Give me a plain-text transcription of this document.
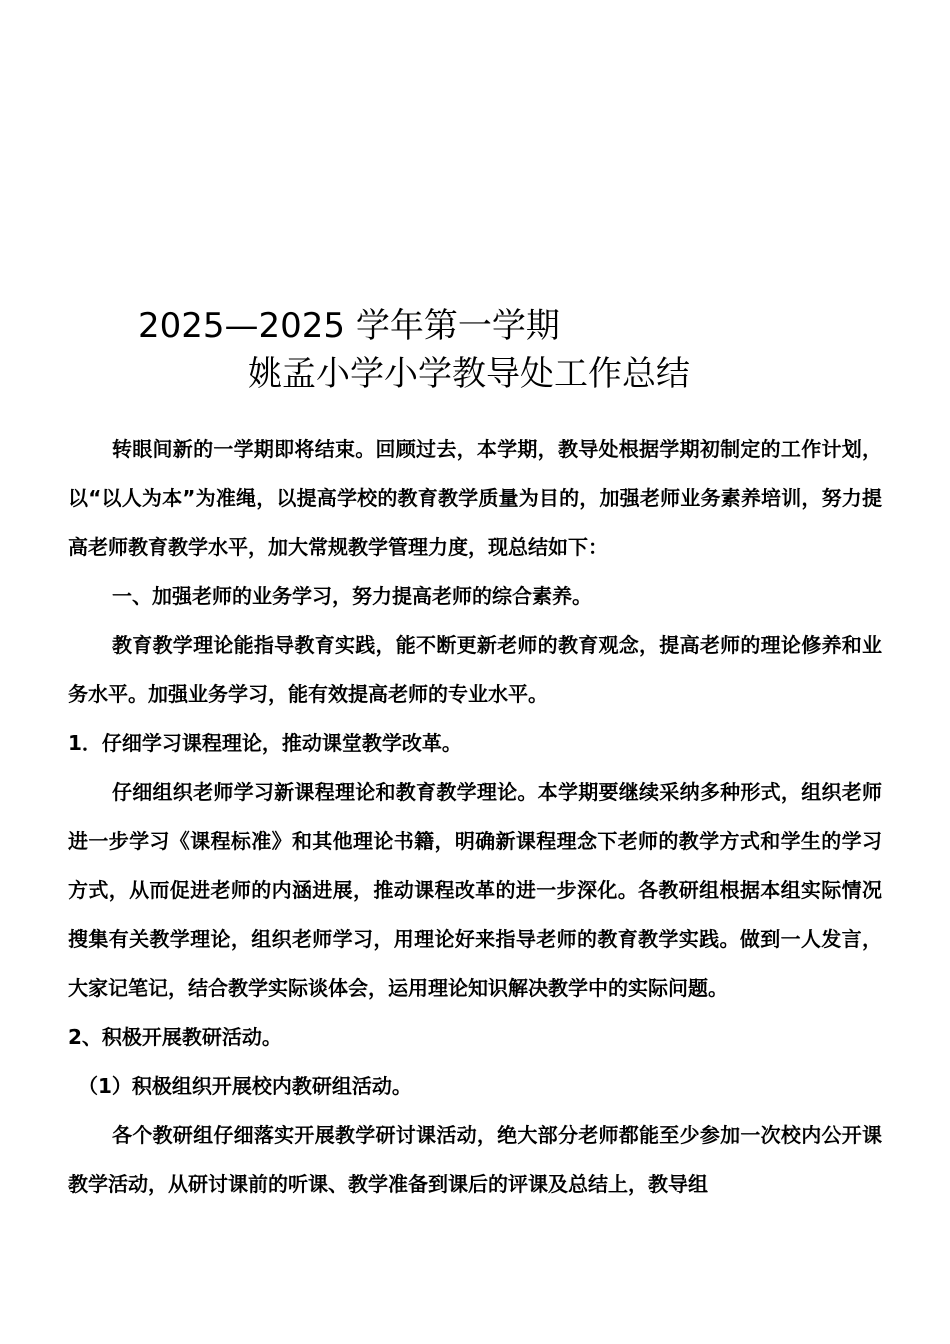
2025—2025 学年第一学期
姚孟小学小学教导处工作总结

转眼间新的一学期即将结束。回顾过去，本学期，教导处根据学期初制定的工作计划，以“以人为本”为准绳，以提高学校的教育教学质量为目的，加强老师业务素养培训，努力提高老师教育教学水平，加大常规教学管理力度，现总结如下：

一、加强老师的业务学习，努力提高老师的综合素养。

教育教学理论能指导教育实践，能不断更新老师的教育观念，提高老师的理论修养和业务水平。加强业务学习，能有效提高老师的专业水平。

1．仔细学习课程理论，推动课堂教学改革。

仔细组织老师学习新课程理论和教育教学理论。本学期要继续采纳多种形式，组织老师进一步学习《课程标准》和其他理论书籍，明确新课程理念下老师的教学方式和学生的学习方式，从而促进老师的内涵进展，推动课程改革的进一步深化。各教研组根据本组实际情况搜集有关教学理论，组织老师学习，用理论好来指导老师的教育教学实践。做到一人发言，大家记笔记，结合教学实际谈体会，运用理论知识解决教学中的实际问题。

2、积极开展教研活动。

（1）积极组织开展校内教研组活动。

各个教研组仔细落实开展教学研讨课活动，绝大部分老师都能至少参加一次校内公开课教学活动，从研讨课前的听课、教学准备到课后的评课及总结上，教导组
